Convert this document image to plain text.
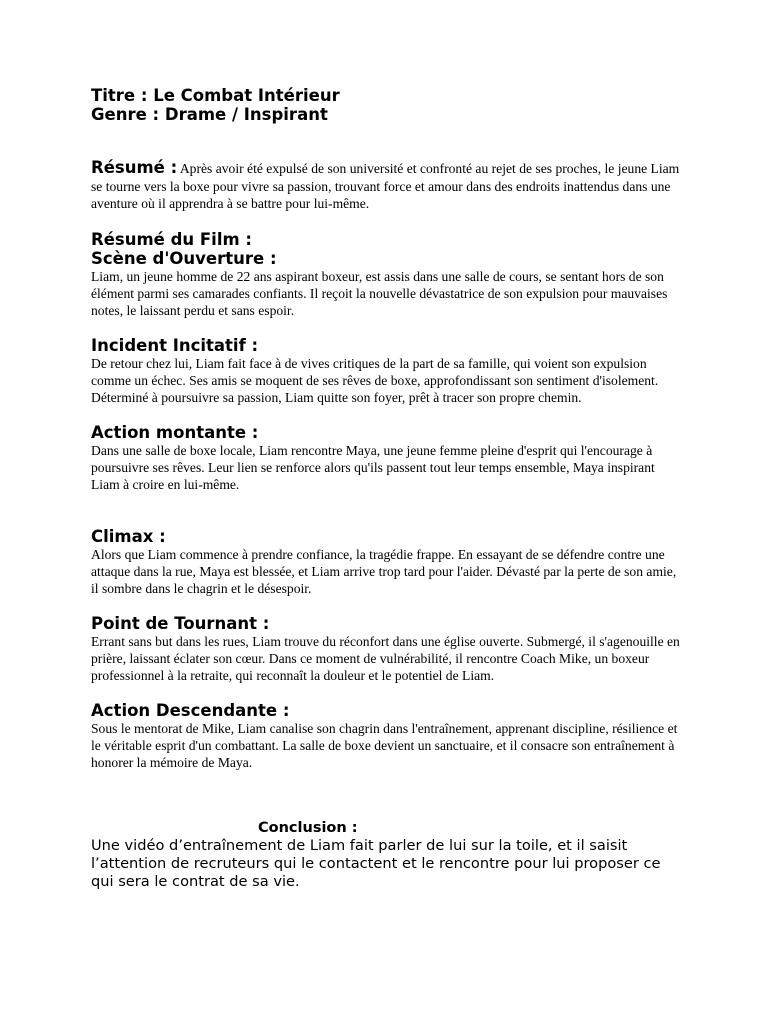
Titre : Le Combat Intérieur
Genre : Drame / Inspirant

Résumé : Après avoir été expulsé de son université et confronté au rejet de ses proches, le jeune Liam se tourne vers la boxe pour vivre sa passion, trouvant force et amour dans des endroits inattendus dans une aventure où il apprendra à se battre pour lui-même.

Résumé du Film :
Scène d'Ouverture :

Liam, un jeune homme de 22 ans aspirant boxeur, est assis dans une salle de cours, se sentant hors de son élément parmi ses camarades confiants. Il reçoit la nouvelle dévastatrice de son expulsion pour mauvaises notes, le laissant perdu et sans espoir.

Incident Incitatif :

De retour chez lui, Liam fait face à de vives critiques de la part de sa famille, qui voient son expulsion comme un échec. Ses amis se moquent de ses rêves de boxe, approfondissant son sentiment d'isolement. Déterminé à poursuivre sa passion, Liam quitte son foyer, prêt à tracer son propre chemin.

Action montante :

Dans une salle de boxe locale, Liam rencontre Maya, une jeune femme pleine d'esprit qui l'encourage à poursuivre ses rêves. Leur lien se renforce alors qu'ils passent tout leur temps ensemble, Maya inspirant Liam à croire en lui-même.

Climax :

Alors que Liam commence à prendre confiance, la tragédie frappe. En essayant de se défendre contre une attaque dans la rue, Maya est blessée, et Liam arrive trop tard pour l'aider. Dévasté par la perte de son amie, il sombre dans le chagrin et le désespoir.

Point de Tournant :

Errant sans but dans les rues, Liam trouve du réconfort dans une église ouverte. Submergé, il s'agenouille en prière, laissant éclater son cœur. Dans ce moment de vulnérabilité, il rencontre Coach Mike, un boxeur professionnel à la retraite, qui reconnaît la douleur et le potentiel de Liam.

Action Descendante :

Sous le mentorat de Mike, Liam canalise son chagrin dans l'entraînement, apprenant discipline, résilience et le véritable esprit d'un combattant. La salle de boxe devient un sanctuaire, et il consacre son entraînement à honorer la mémoire de Maya.

Conclusion :

Une vidéo d’entraînement de Liam fait parler de lui sur la toile, et il saisit l’attention de recruteurs qui le contactent et le rencontre pour lui proposer ce qui sera le contrat de sa vie.
